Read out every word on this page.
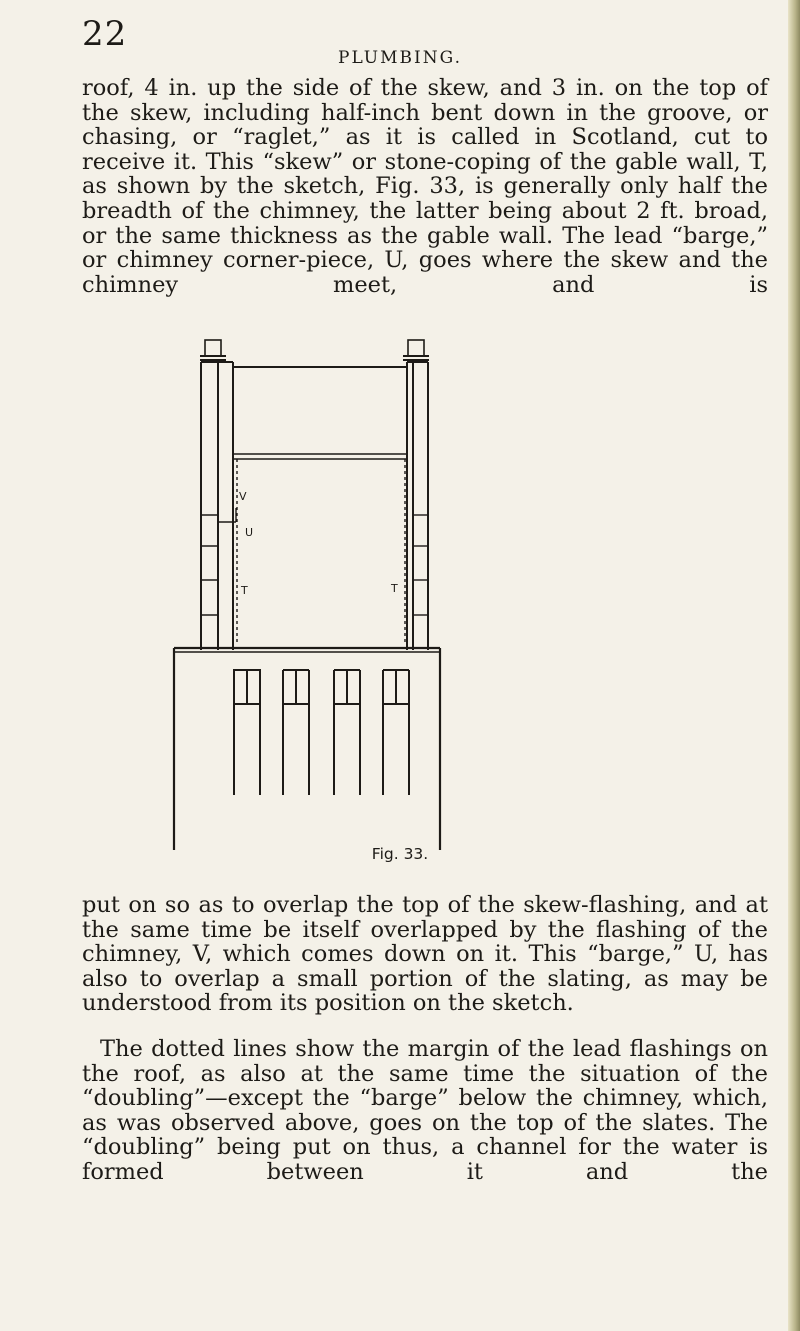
22
PLUMBING.

roof, 4 in. up the side of the skew, and 3 in. on the top of the skew, including half-inch bent down in the groove, or chasing, or “raglet,” as it is called in Scotland, cut to receive it. This “skew” or stone-coping of the gable wall, T, as shown by the sketch, Fig. 33, is generally only half the breadth of the chimney, the latter being about 2 ft. broad, or the same thickness as the gable wall. The lead “barge,” or chimney corner-piece, U, goes where the skew and the chimney meet, and is

V
U
T	T
Fig. 33.

put on so as to overlap the top of the skew-flashing, and at the same time be itself overlapped by the flashing of the chimney, V, which comes down on it. This “barge,” U, has also to overlap a small portion of the slating, as may be understood from its position on the sketch.

The dotted lines show the margin of the lead flashings on the roof, as also at the same time the situation of the “doubling”—except the “barge” below the chimney, which, as was observed above, goes on the top of the slates. The “doubling” being put on thus, a channel for the water is formed between it and the
